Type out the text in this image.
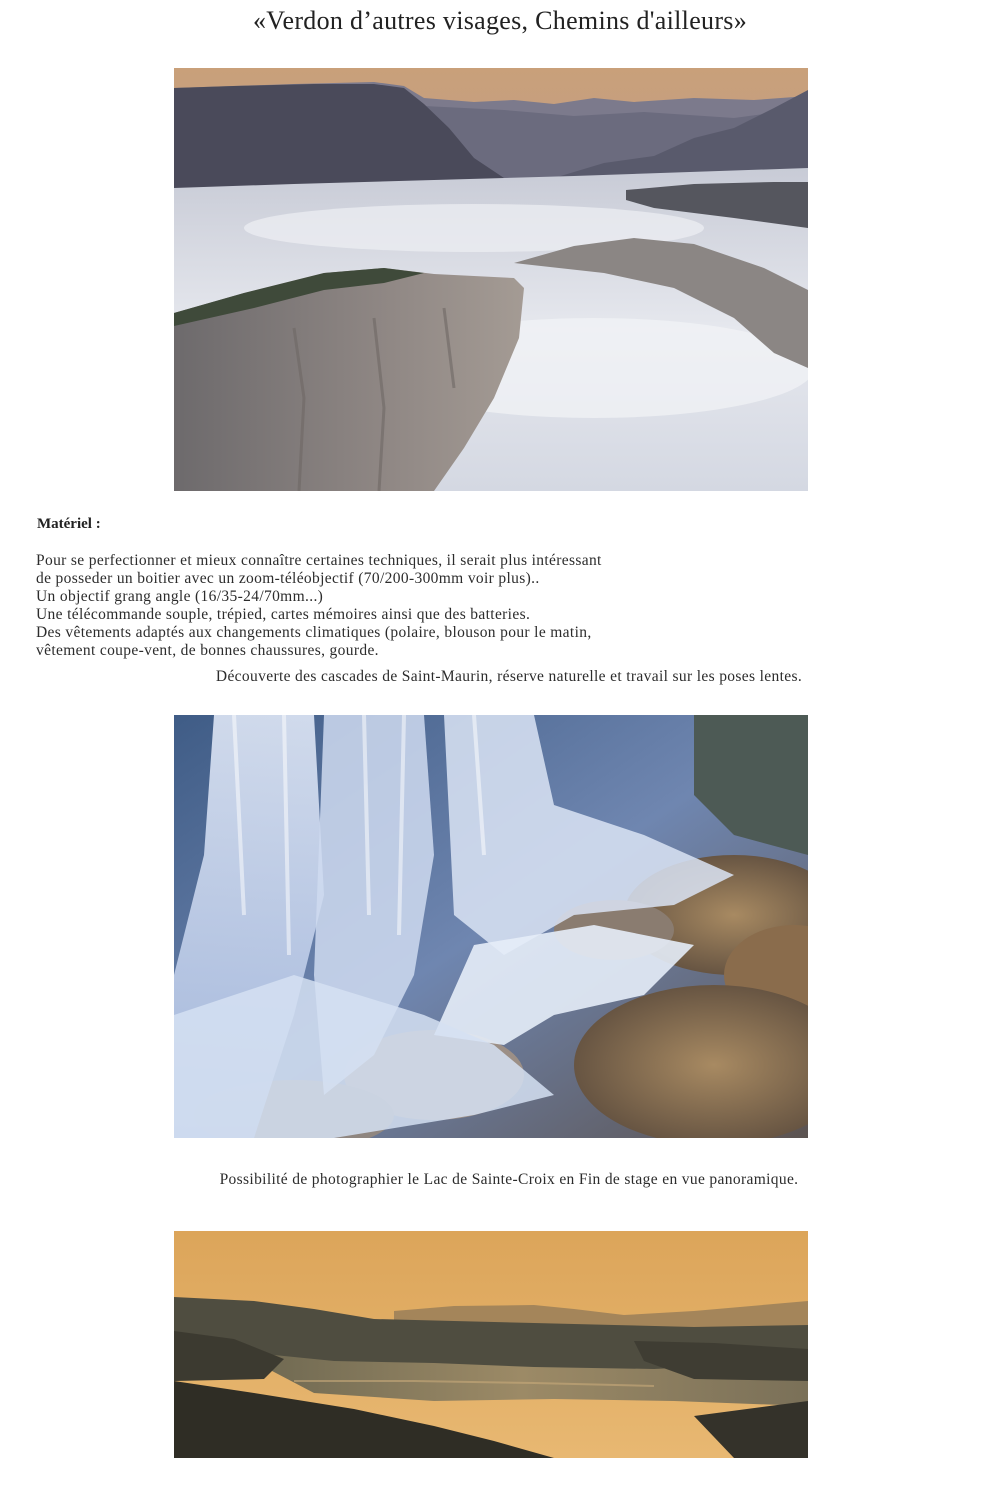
«Verdon d’autres visages, Chemins d'ailleurs»
Matériel :
Pour se perfectionner et mieux connaître certaines techniques, il serait plus intéressant
de posseder un boitier avec un zoom-téléobjectif (70/200-300mm voir plus)..
Un objectif grang angle (16/35-24/70mm...)
Une télécommande souple, trépied, cartes mémoires ainsi que des batteries.
Des vêtements adaptés aux changements climatiques (polaire, blouson pour le matin,
vêtement coupe-vent, de bonnes chaussures, gourde.
Découverte des cascades de Saint-Maurin, réserve naturelle et travail sur les poses lentes.
Possibilité de photographier le Lac de Sainte-Croix en Fin de stage en vue panoramique.
